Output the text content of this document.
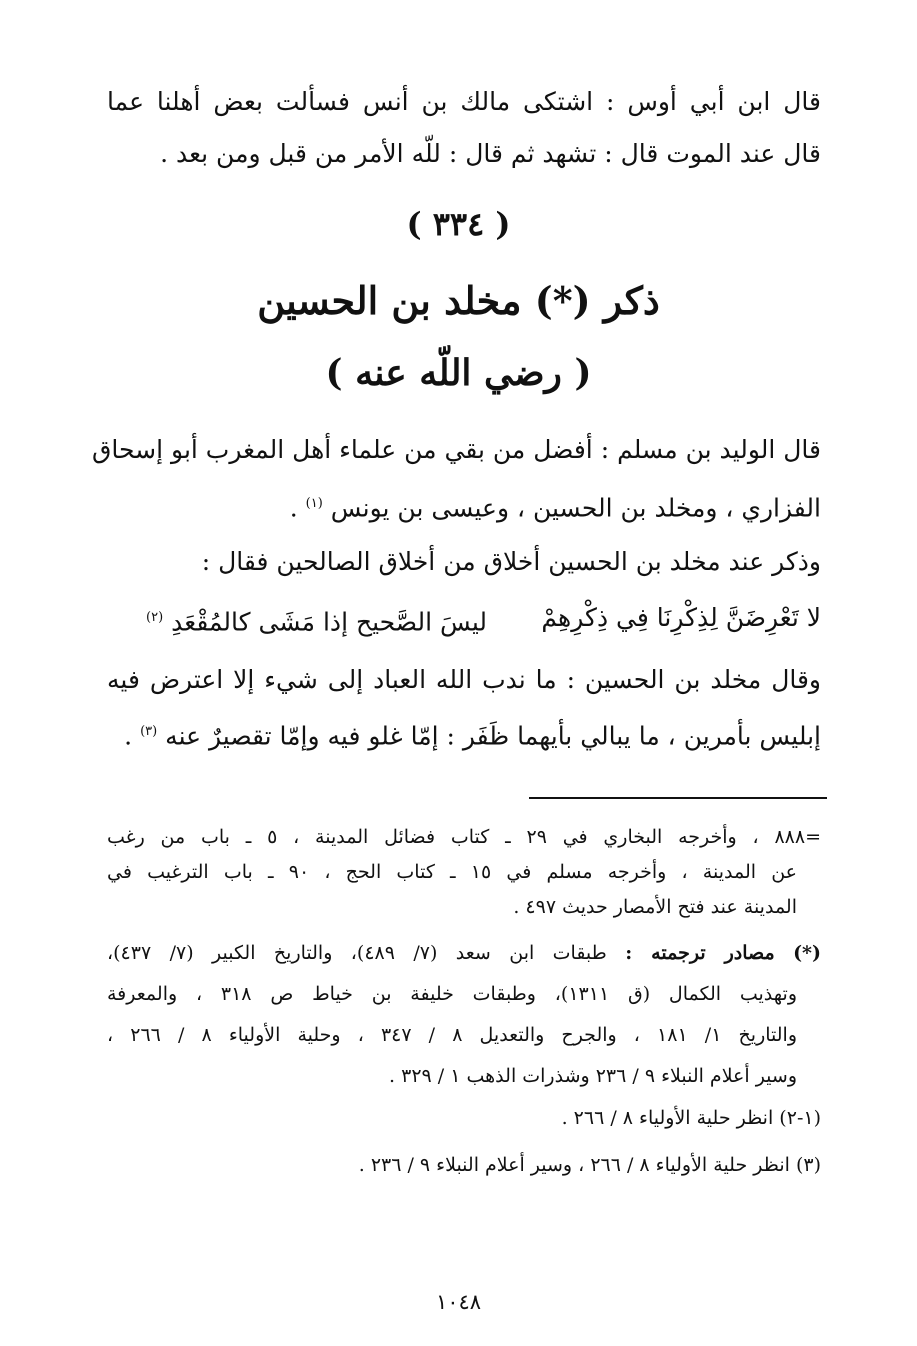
قال ابن أبي أوس : اشتكى مالك بن أنس فسألت بعض أهلنا عما
قال عند الموت قال : تشهد ثم قال : للّه الأمر من قبل ومن بعد .
( ٣٣٤ )
ذكر (*) مخلد بن الحسين
( رضي اللّه عنه )
قال الوليد بن مسلم : أفضل من بقي من علماء أهل المغرب أبو إسحاق
الفزاري ، ومخلد بن الحسين ، وعيسى بن يونس $^{(١)}$ .
وذكر عند مخلد بن الحسين أخلاق من أخلاق الصالحين فقال :
لا تَعْرِضَنَّ لِذِكْرِنَا فِي ذِكْرِهِمْ
ليسَ الصَّحيح إذا مَشَى كالمُقْعَدِ $^{(٢)}$
وقال مخلد بن الحسين : ما ندب الله العباد إلى شيء إلا اعترض فيه
إبليس بأمرين ، ما يبالي بأيهما ظَفَر : إمّا غلو فيه وإمّا تقصيرٌ عنه $^{(٣)}$ .
=٨٨٨ ، وأخرجه البخاري في ٢٩ ـ كتاب فضائل المدينة ، ٥ ـ باب من رغب
عن المدينة ، وأخرجه مسلم في ١٥ ـ كتاب الحج ، ٩٠ ـ باب الترغيب في
المدينة عند فتح الأمصار حديث ٤٩٧ .
(*) مصادر ترجمته : طبقات ابن سعد (٧/ ٤٨٩)، والتاريخ الكبير (٧/ ٤٣٧)،
وتهذيب الكمال (ق ١٣١١)، وطبقات خليفة بن خياط ص ٣١٨ ، والمعرفة
والتاريخ ١/ ١٨١ ، والجرح والتعديل ٨ / ٣٤٧ ، وحلية الأولياء ٨ / ٢٦٦ ،
وسير أعلام النبلاء ٩ / ٢٣٦ وشذرات الذهب ١ / ٣٢٩ .
(١-٢) انظر حلية الأولياء ٨ / ٢٦٦ .
(٣) انظر حلية الأولياء ٨ / ٢٦٦ ، وسير أعلام النبلاء ٩ / ٢٣٦ .
١٠٤٨
